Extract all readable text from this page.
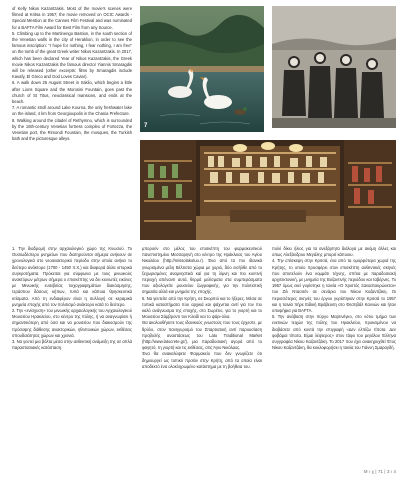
of Kelly Nikos Kazantzakis. Most of the movie's scenes were filmed at Kritsa in 1957; the movie removed on OCIC Awards - Special Mention at the Cannes Film Festival and was nominated for a BAFTA Film Award for Best Film from any Source.

5. Climbing up to the Martinengo Bastion, in the south section of the Venetian walls in the city of Heraklion, in order to see the famous inscription: "I hope for nothing, I fear nothing, I am free" on the tomb of the great Greek writer Nikos Kazantzakis. In 2017, which has been declared Year of Nikos Kazantzakis, the Greek movie Nikos Kazantzakis the famous director Yiannis Smaragdis will be released (other excerpts: films by Smaragdis include Kavafy, El Greco and God Loves Caviar).

6. A walk down 25 August Street in Iraklio, which begins a little after Lions Square and the Morosini Fountain, goes past the church of St Titus, neoclassical mansions, and ends at the beach.

7. A romantic stroll around Lake Kourna, the only freshwater lake on the island, 4 km from Georgioupolis in the Chania Prefecture.

8. Walking around the citadel of Rethymno, which is surrounded by the 16th-century Venetian fortress complex of Fortezza, the Venetian port, the Rimondi Fountain, the mosques, the Turkish bath and the picturesque alleys.

7

1. Την διαδρομή στην αρχαιολογικό χώρο της Κνωσού. Το Ουσιωδέστερο μνημείων που διατηρούνται σήμερα ανήκουν σε χρονολογικά στο νεοανακτορικό περίοδο στην οποία ανήκει το δεύτερο ανάκτορο (1700 - 1450 π.Χ.) και διαφορά άλλα ιστορικά συγκροτήματα. Πρόκειται για σύμφωνα με τους μινωικούς ανακτόρων μέτρων σήμερα ο επισκέπτης να δει κιονωτές εικόνες με Μινωικής ευσεβείας τοιχογραφημάτων διακόσμησης, τεράστιου δάσους κήπων, τυπά και κάποια θρησκευτικά κτίσματα. Από τη ενδιαφέρον είναι η συλλογή σε κεραμικά μνημεία εποχής από τον πολιτισμό ανάκτορο κατά το δεύτερο.

2. Την «ενίσχυση» του μινωικής αρχαιολογικής του Αρχαιολογικού Μουσείου Ηρακλείου, στο κέντρο της πόλης, ή να αναγνωρίσει ή σημαντικότερη από όσα και να μουσείου που διακοσμούν της πρόσοψης διάθεσης ανακτορικών, ηθοποιικών χώρων, εκθέσεις σπουδαιότητας χώρων και χρονιά.

3. Να γευτεί μια βόλτα μέσα στην ανθεκτική ανάμειξη της σε απλά παραστασιακές κατάσταση.

μπορούν στο μέλος του επισκέπτη του φαρμακευτικού πανεπιστημίου Μεσσαρηνή στο κέντρο της Ηράκλειας του Αγίου Νικολάου (http://missolakotuo.r). Ένα από τα πιο ιδανικά γνωρισμένα μέλη Βέλτιστα χώρια με χοριό, δύο εισήλθε από το ξεχωρισμένες αναμνηστικά καί για τη λίμνη και πιο κοντινή περιοχή απέναντι αυτά, θερμά μελίσματα στα συμπεράσματα που αξιολογείτε μουσείου ζωγραφικής, για την πολιτιστική σημασία αλλά και μνημεία της εποχής.

5. Να γευτείτε από την Κρήτη, σε Σκορπιό και το ήξερες. Μέσα σε τοπικά καταστήματα που αρχικά και ψάχνεται αντί για τον πιο καλό ανάγνωσμα της εποχής, στο Σωρέτιο, για το γιορτή και το Μουσείου Σάμβροντι τον Κλειδί και το ψάρι-όλια.

Θα ακολουθήσετε τους ιδανικούς γνωστούς που τους έρχεστε, με θρύλο, στον πανηγυρισμό του Σπαρτιατική αντί παρουσίαση προβολής αναστάσεως του Lato Traditional Market (http://www.latocrete.gr/), μια παραδοσιακή αγορά από το φαγητό, τη γιορτή και τις εκθέσεις, στις Άγιο Νικόλαος.

Ένα θα ανακαλύψετε Φαρμακείο που δεν γνωρίζετε ότι δημιουργεί ως τοπικό προϊόν στην Κρήτη, από τα οποία είναι αποδεκτό ένα ολοκληρωμένο κατάστημα με τη βοήθεια του.

πολύ δίκιο ήλιος για τα ανεξάρτητα διάλογα με ακόμη άλλες και οπως Αλεξάνδρου Μεγάλης μπορεί κάποιου.

4. Την επίσκεψη στην Κριτσά, ένα από τα ομορφότερα χωριά της Κρήτης, το οποίο προσφέρει στον επισκέπτη αυθεντικές σκηνές που αποτελούν ένα κομμάτι τέχνης, σπίτια με παραδοσιακή αρχιτεκτονική, με μνημεία της Βυζαντινής περιόδου και ταβέρνες. Το 1957 όμως εκεί γυρίστηκε η ταινία «Ο Χριστός Ξανασταυρώνεται» του Ζιλ Ντασσέν σε σενάριο του Νίκου Καζαντζάκη. Οι περισσότερες σκηνές του έργου γυρίστηκαν στην Κριτσά το 1957 και η ταινία πήρε Ειδική Βράβευση στο Φεστιβάλ Καννών και ήταν υποψήφια για BAFTA.

5. Την ανάβαση στην πύργο Μαρτινέγκο, στο νότιο τμήμα των ενετικών τειχών της πόλης του Ηρακλείου, προκειμένου να διαβάσετε από κοντά την επιγραφή «Δεν ελπίζω τίποτα. Δεν φοβάμαι τίποτα. Είμαι λέφτερος» στον τάφο του μεγάλου Έλληνα συγγραφέα Νίκου Καζαντζάκη. Το 2017 που έχει ανακηρυχθεί Έτος Νίκου Καζαντζάκη, θα κυκλοφορήσει η ταινία του Γιάννη Σμαραγδή.

Μ ι χ | 71 | 3 ι 4
